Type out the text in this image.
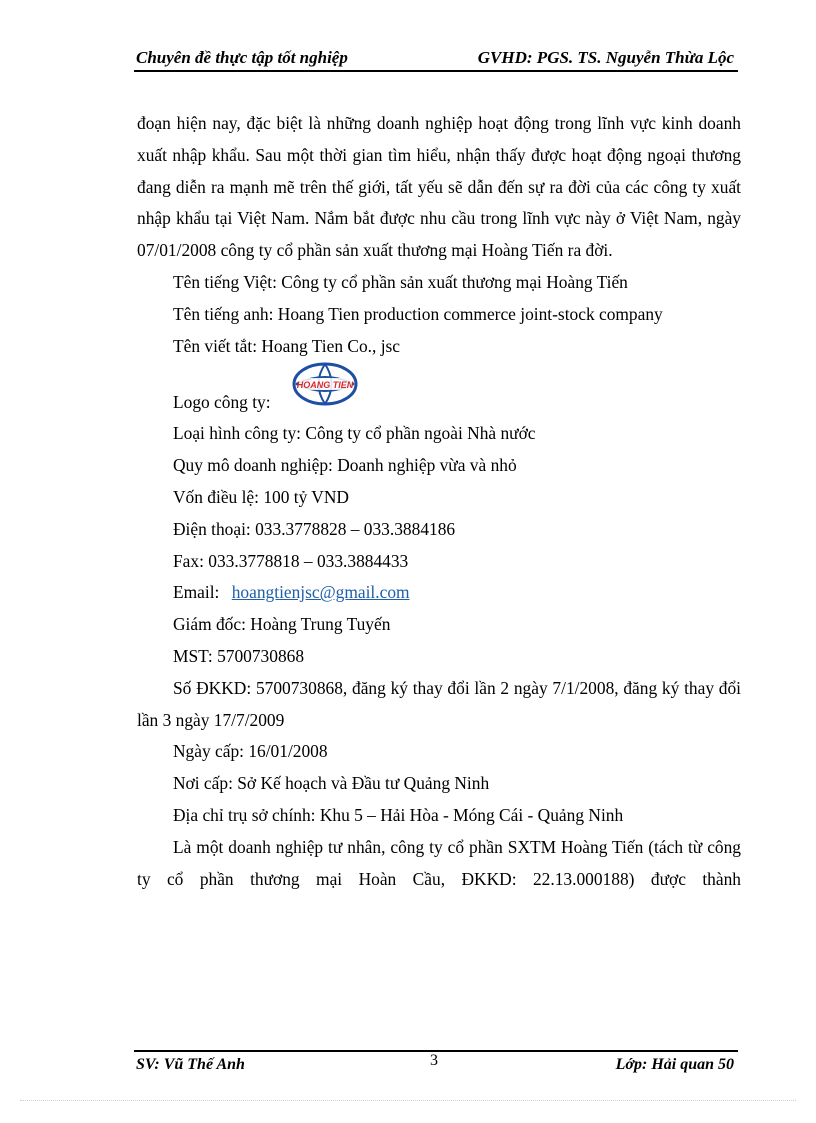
Chuyên đề thực tập tốt nghiệp	GVHD: PGS. TS. Nguyễn Thừa Lộc

đoạn hiện nay, đặc biệt là những doanh nghiệp hoạt động trong lĩnh vực kinh doanh xuất nhập khẩu. Sau một thời gian tìm hiểu, nhận thấy được hoạt động ngoại thương đang diễn ra mạnh mẽ trên thế giới, tất yếu sẽ dẫn đến sự ra đời của các công ty xuất nhập khẩu tại Việt Nam. Nắm bắt được nhu cầu trong lĩnh vực này ở Việt Nam, ngày 07/01/2008 công ty cổ phần sản xuất thương mại Hoàng Tiến ra đời.

Tên tiếng Việt: Công ty cổ phần sản xuất thương mại Hoàng Tiến

Tên tiếng anh: Hoang Tien production commerce joint-stock company

Tên viết tắt: Hoang Tien Co., jsc

Logo công ty:
HOANG TIEN

Loại hình công ty: Công ty cổ phần ngoài Nhà nước

Quy mô doanh nghiệp: Doanh nghiệp vừa và nhỏ

Vốn điều lệ: 100 tỷ VND

Điện thoại: 033.3778828 – 033.3884186

Fax: 033.3778818 – 033.3884433

Email: hoangtienjsc@gmail.com

Giám đốc: Hoàng Trung Tuyến

MST: 5700730868

Số ĐKKD: 5700730868, đăng ký thay đổi lần 2 ngày 7/1/2008, đăng ký thay đổi lần 3 ngày 17/7/2009

Ngày cấp: 16/01/2008

Nơi cấp: Sở Kế hoạch và Đầu tư Quảng Ninh

Địa chỉ trụ sở chính: Khu 5 – Hải Hòa - Móng Cái - Quảng Ninh

Là một doanh nghiệp tư nhân, công ty cổ phần SXTM Hoàng Tiến (tách từ công ty cổ phần thương mại Hoàn Cầu, ĐKKD: 22.13.000188) được thành

SV: Vũ Thế Anh	3	Lớp: Hải quan 50
